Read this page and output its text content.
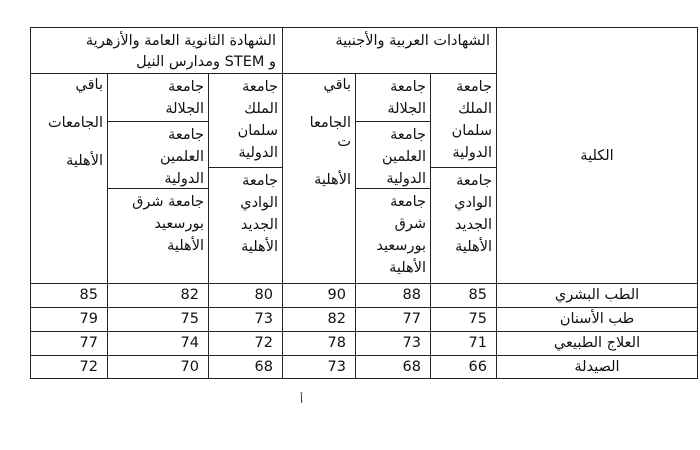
الكلية
الشهادات العربية والأجنبية
الشهادة الثانوية العامة والأزهرية
و STEM ومدارس النيل
جامعة
الملك
سلمان
الدولية
جامعة
الوادي
الجديد
الأهلية
جامعة
الجلالة
جامعة
العلمين
الدولية
جامعة
شرق
بورسعيد
الأهلية
باقي

الجامعا
ت

الأهلية
جامعة
الملك
سلمان
الدولية
جامعة
الوادي
الجديد
الأهلية
جامعة
الجلالة
جامعة
العلمين
الدولية
جامعة شرق
بورسعيد
الأهلية
باقي

الجامعات

الأهلية
الطب البشري
85
88
90
80
82
85
طب الأسنان
75
77
82
73
75
79
العلاج الطبيعي
71
73
78
72
74
77
الصيدلة
66
68
73
68
70
72
أ
